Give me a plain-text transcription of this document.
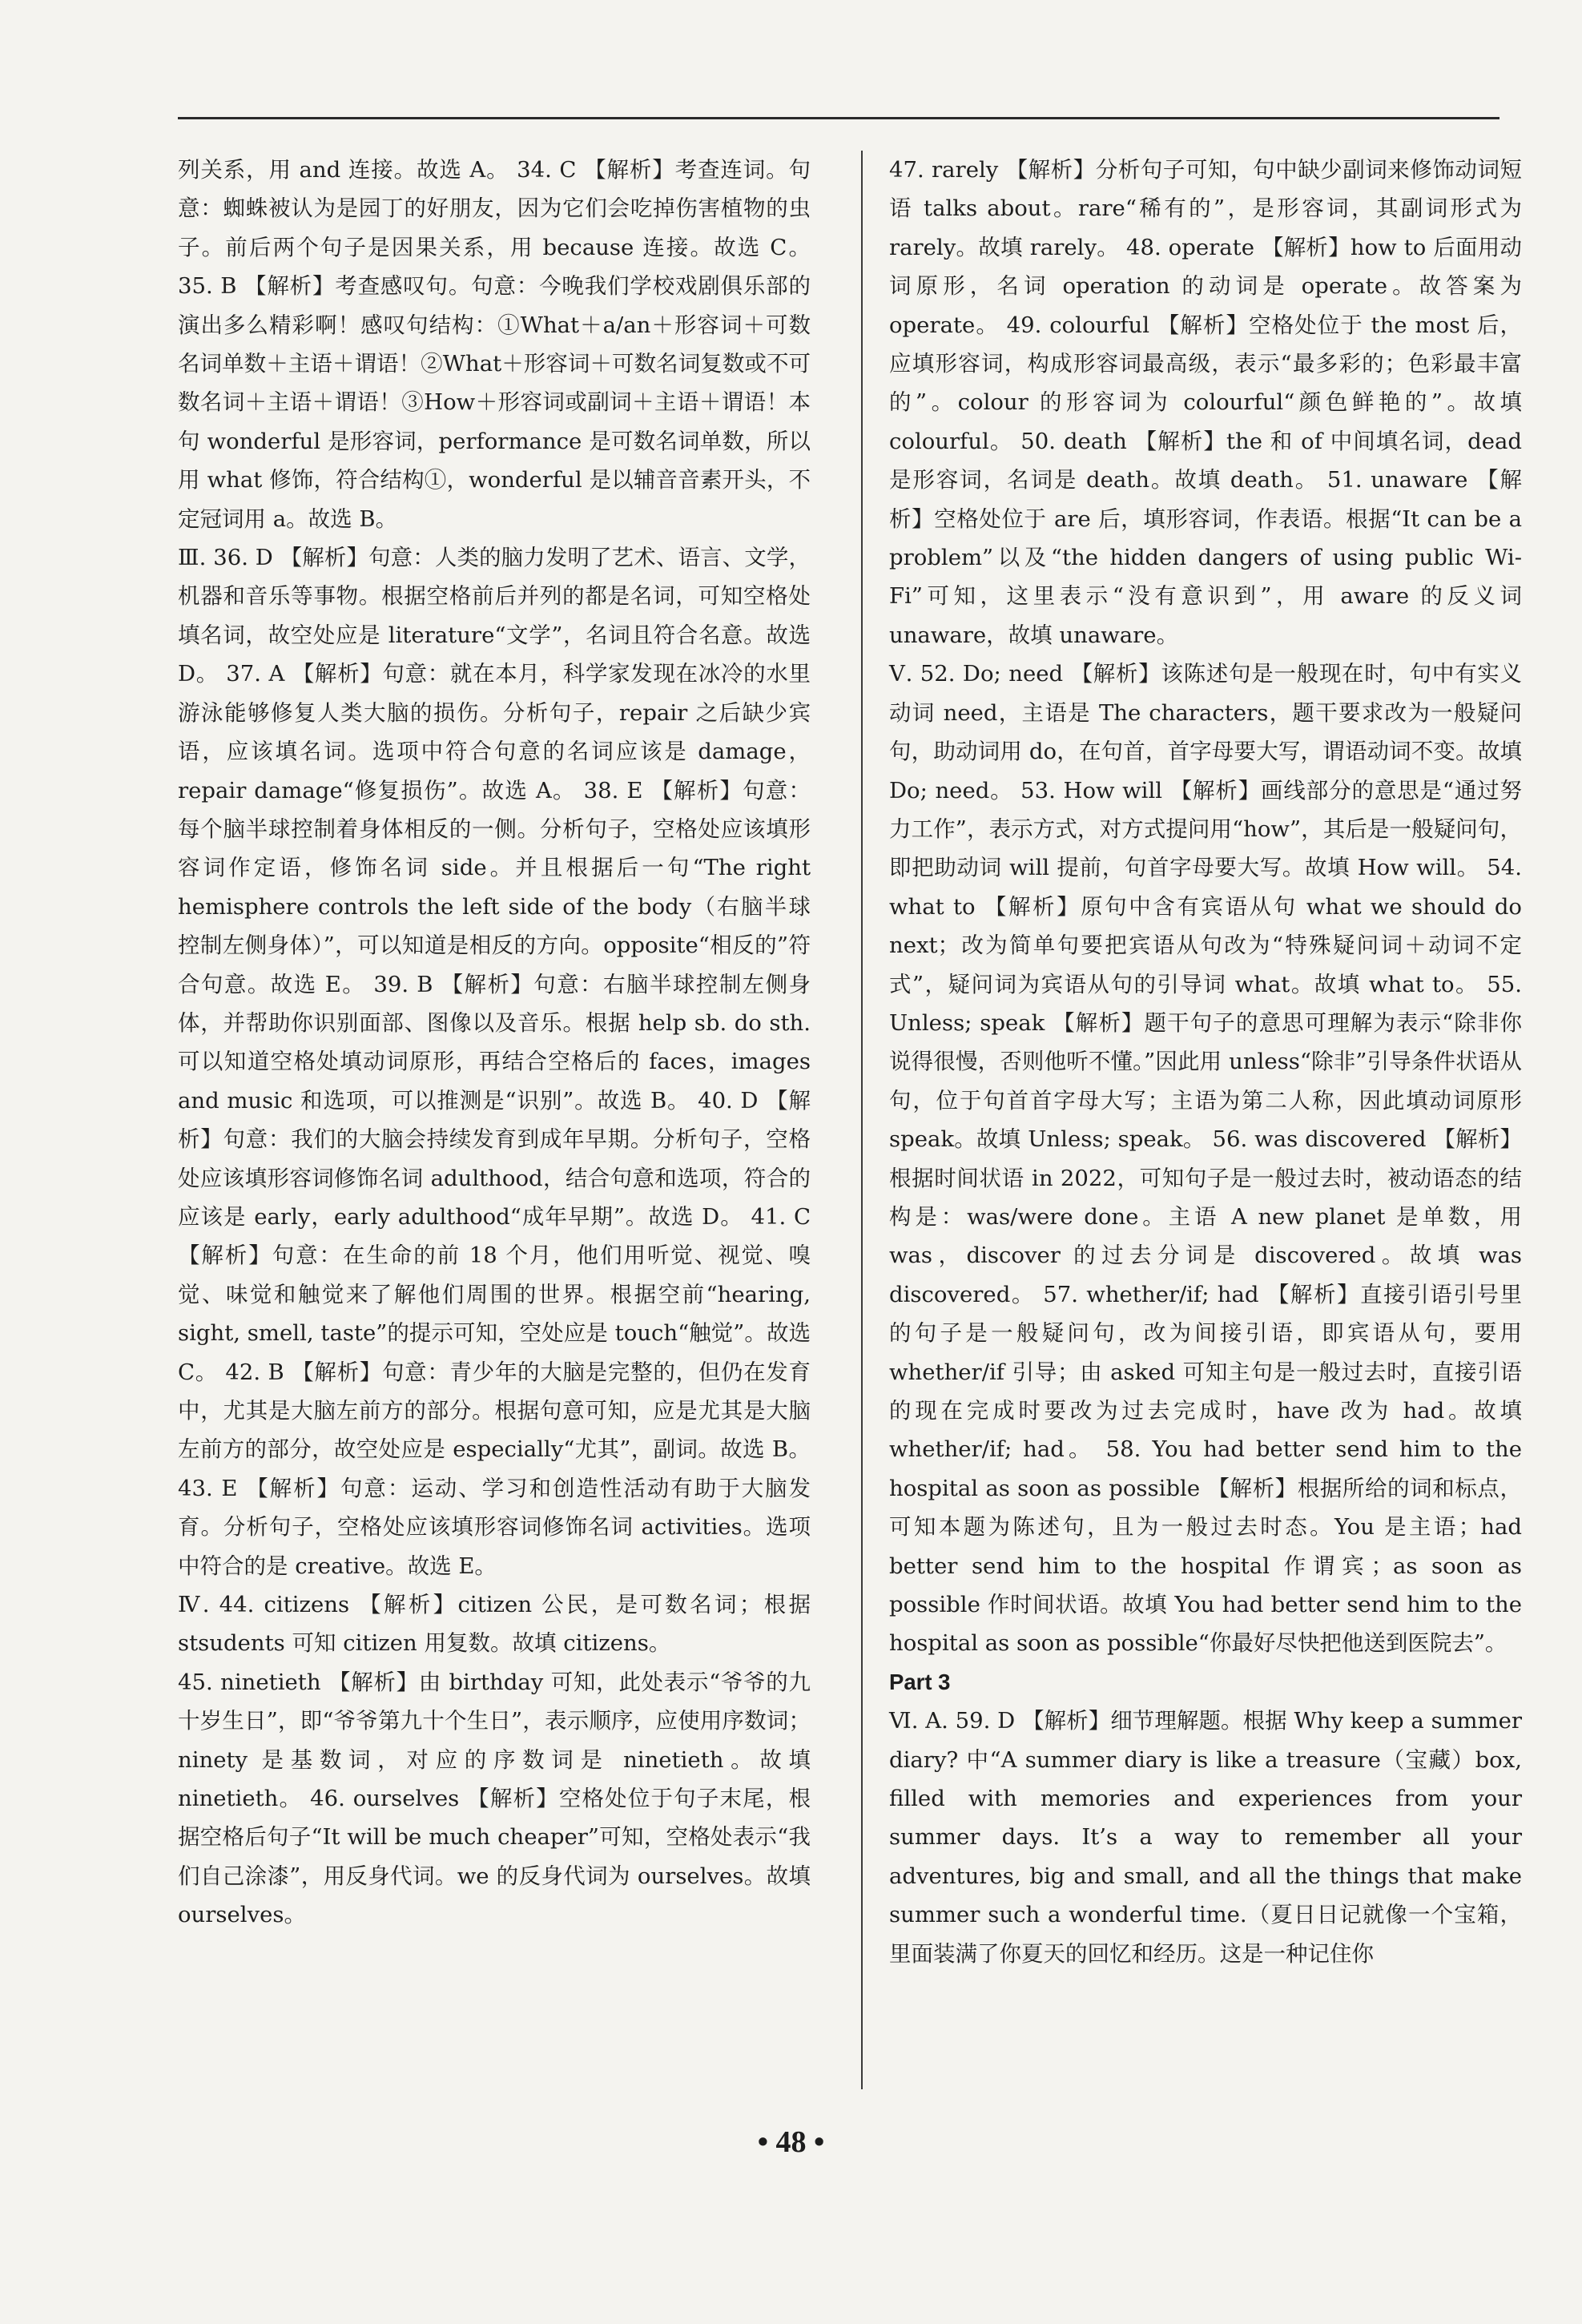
列关系，用 and 连接。故选 A。 34. C 【解析】考查连词。句意：蜘蛛被认为是园丁的好朋友，因为它们会吃掉伤害植物的虫子。前后两个句子是因果关系，用 because 连接。故选 C。 35. B 【解析】考查感叹句。句意：今晚我们学校戏剧俱乐部的演出多么精彩啊！感叹句结构：①What＋a/an＋形容词＋可数名词单数＋主语＋谓语！②What＋形容词＋可数名词复数或不可数名词＋主语＋谓语！③How＋形容词或副词＋主语＋谓语！本句 wonderful 是形容词，performance 是可数名词单数，所以用 what 修饰，符合结构①，wonderful 是以辅音音素开头，不定冠词用 a。故选 B。

Ⅲ. 36. D 【解析】句意：人类的脑力发明了艺术、语言、文学，机器和音乐等事物。根据空格前后并列的都是名词，可知空格处填名词，故空处应是 literature“文学”，名词且符合名意。故选 D。 37. A 【解析】句意：就在本月，科学家发现在冰冷的水里游泳能够修复人类大脑的损伤。分析句子，repair 之后缺少宾语，应该填名词。选项中符合句意的名词应该是 damage，repair damage“修复损伤”。故选 A。 38. E 【解析】句意：每个脑半球控制着身体相反的一侧。分析句子，空格处应该填形容词作定语，修饰名词 side。并且根据后一句“The right hemisphere controls the left side of the body（右脑半球控制左侧身体）”，可以知道是相反的方向。opposite“相反的”符合句意。故选 E。 39. B 【解析】句意：右脑半球控制左侧身体，并帮助你识别面部、图像以及音乐。根据 help sb. do sth. 可以知道空格处填动词原形，再结合空格后的 faces，images and music 和选项，可以推测是“识别”。故选 B。 40. D 【解析】句意：我们的大脑会持续发育到成年早期。分析句子，空格处应该填形容词修饰名词 adulthood，结合句意和选项，符合的应该是 early，early adulthood“成年早期”。故选 D。 41. C 【解析】句意：在生命的前 18 个月，他们用听觉、视觉、嗅觉、味觉和触觉来了解他们周围的世界。根据空前“hearing, sight, smell, taste”的提示可知，空处应是 touch“触觉”。故选 C。 42. B 【解析】句意：青少年的大脑是完整的，但仍在发育中，尤其是大脑左前方的部分。根据句意可知，应是尤其是大脑左前方的部分，故空处应是 especially“尤其”，副词。故选 B。 43. E 【解析】句意：运动、学习和创造性活动有助于大脑发育。分析句子，空格处应该填形容词修饰名词 activities。选项中符合的是 creative。故选 E。

Ⅳ. 44. citizens 【解析】citizen 公民，是可数名词；根据 stsudents 可知 citizen 用复数。故填 citizens。

45. ninetieth 【解析】由 birthday 可知，此处表示“爷爷的九十岁生日”，即“爷爷第九十个生日”，表示顺序，应使用序数词；ninety 是基数词，对应的序数词是 ninetieth。故填 ninetieth。 46. ourselves 【解析】空格处位于句子末尾，根据空格后句子“It will be much cheaper”可知，空格处表示“我们自己涂漆”，用反身代词。we 的反身代词为 ourselves。故填 ourselves。

47. rarely 【解析】分析句子可知，句中缺少副词来修饰动词短语 talks about。rare“稀有的”，是形容词，其副词形式为 rarely。故填 rarely。 48. operate 【解析】how to 后面用动词原形，名词 operation 的动词是 operate。故答案为 operate。 49. colourful 【解析】空格处位于 the most 后，应填形容词，构成形容词最高级，表示“最多彩的；色彩最丰富的”。colour 的形容词为 colourful“颜色鲜艳的”。故填 colourful。 50. death 【解析】the 和 of 中间填名词，dead 是形容词，名词是 death。故填 death。 51. unaware 【解析】空格处位于 are 后，填形容词，作表语。根据“It can be a problem”以及“the hidden dangers of using public Wi-Fi”可知，这里表示“没有意识到”，用 aware 的反义词 unaware，故填 unaware。

Ⅴ. 52. Do; need 【解析】该陈述句是一般现在时，句中有实义动词 need，主语是 The characters，题干要求改为一般疑问句，助动词用 do，在句首，首字母要大写，谓语动词不变。故填 Do; need。 53. How will 【解析】画线部分的意思是“通过努力工作”，表示方式，对方式提问用“how”，其后是一般疑问句，即把助动词 will 提前，句首字母要大写。故填 How will。 54. what to 【解析】原句中含有宾语从句 what we should do next；改为简单句要把宾语从句改为“特殊疑问词＋动词不定式”，疑问词为宾语从句的引导词 what。故填 what to。 55. Unless; speak 【解析】题干句子的意思可理解为表示“除非你说得很慢，否则他听不懂。”因此用 unless“除非”引导条件状语从句，位于句首首字母大写；主语为第二人称，因此填动词原形 speak。故填 Unless; speak。 56. was discovered 【解析】根据时间状语 in 2022，可知句子是一般过去时，被动语态的结构是：was/were done。主语 A new planet 是单数，用 was，discover 的过去分词是 discovered。故填 was discovered。 57. whether/if; had 【解析】直接引语引号里的句子是一般疑问句，改为间接引语，即宾语从句，要用 whether/if 引导；由 asked 可知主句是一般过去时，直接引语的现在完成时要改为过去完成时，have 改为 had。故填 whether/if; had。 58. You had better send him to the hospital as soon as possible 【解析】根据所给的词和标点，可知本题为陈述句，且为一般过去时态。You 是主语；had better send him to the hospital 作谓宾；as soon as possible 作时间状语。故填 You had better send him to the hospital as soon as possible“你最好尽快把他送到医院去”。

Part 3

Ⅵ. A. 59. D 【解析】细节理解题。根据 Why keep a summer diary? 中“A summer diary is like a treasure（宝藏）box, filled with memories and experiences from your summer days. It’s a way to remember all your adventures, big and small, and all the things that make summer such a wonderful time.（夏日日记就像一个宝箱，里面装满了你夏天的回忆和经历。这是一种记住你

• 48 •
